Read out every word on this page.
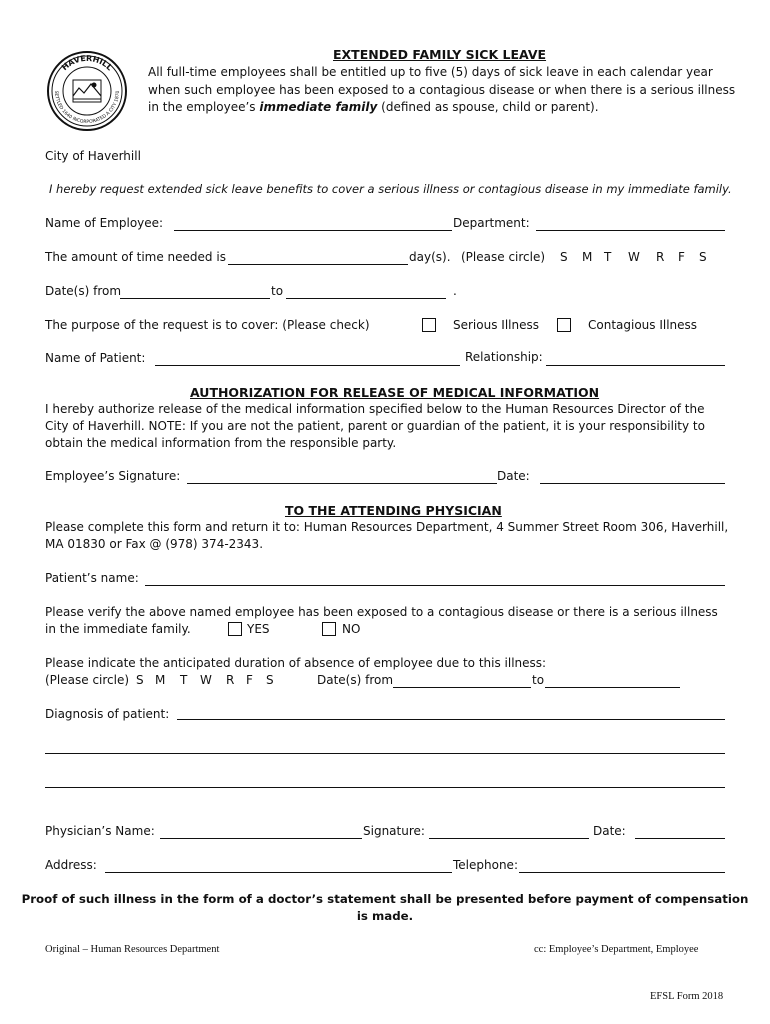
HAVERHILL
SETTLED 1640 INCORPORATED A CITY 1870
EXTENDED FAMILY SICK LEAVE
All full-time employees shall be entitled up to five (5) days of sick leave in each calendar year
when such employee has been exposed to a contagious disease or when there is a serious illness
in the employee’s immediate family (defined as spouse, child or parent).
City of Haverhill
I hereby request extended sick leave benefits to cover a serious illness or contagious disease in my immediate family.
Name of Employee:	Department:
The amount of time needed is	day(s). (Please circle) S M T W R F S
Date(s) from	to	.
The purpose of the request is to cover: (Please check)	Serious Illness	Contagious Illness
Name of Patient:	Relationship:
AUTHORIZATION FOR RELEASE OF MEDICAL INFORMATION
I hereby authorize release of the medical information specified below to the Human Resources Director of the
City of Haverhill. NOTE: If you are not the patient, parent or guardian of the patient, it is your responsibility to
obtain the medical information from the responsible party.
Employee’s Signature:	Date:
TO THE ATTENDING PHYSICIAN
Please complete this form and return it to: Human Resources Department, 4 Summer Street Room 306, Haverhill,
MA 01830 or Fax @ (978) 374-2343.
Patient’s name:
Please verify the above named employee has been exposed to a contagious disease or there is a serious illness
in the immediate family.	YES	NO
Please indicate the anticipated duration of absence of employee due to this illness:
(Please circle) S M T W R F S	Date(s) from	to
Diagnosis of patient:
Physician’s Name:	Signature:	Date:
Address:	Telephone:
Proof of such illness in the form of a doctor’s statement shall be presented before payment of compensation
is made.
Original – Human Resources Department	cc: Employee’s Department, Employee
EFSL Form 2018
